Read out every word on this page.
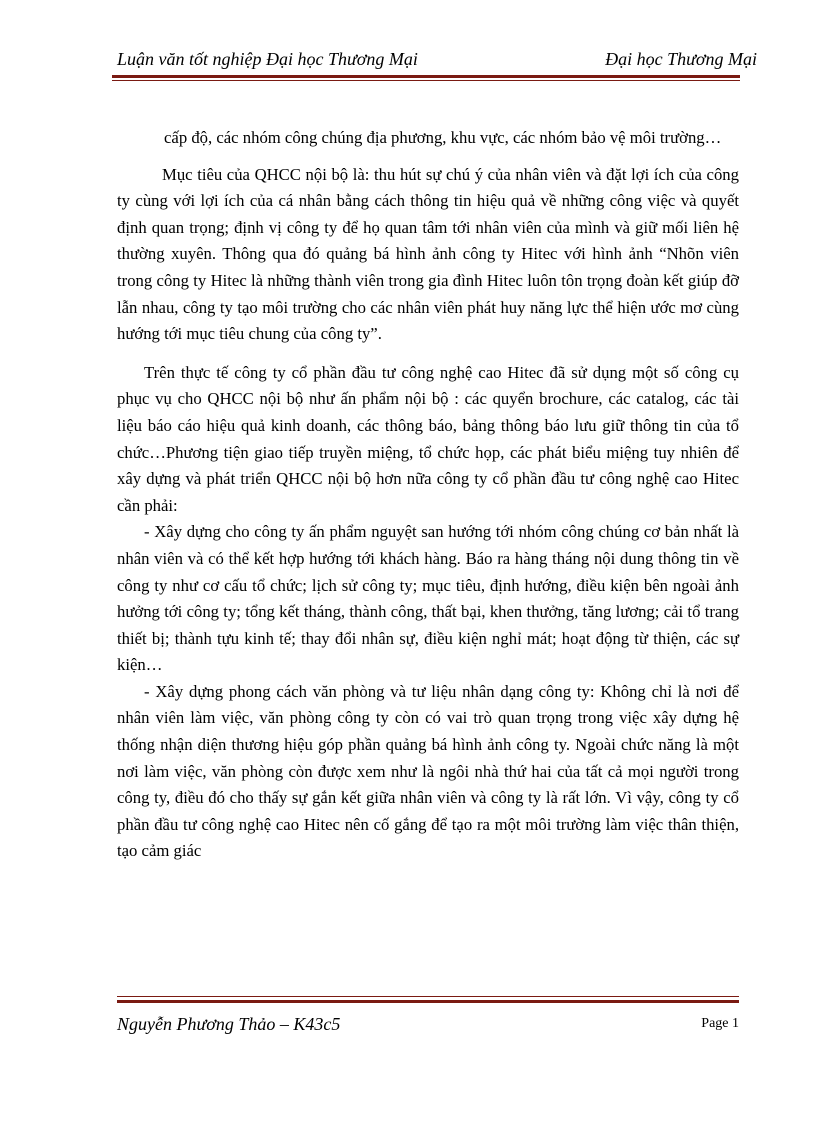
Luận văn tốt nghiệp Đại học Thương Mại	Đại học Thương Mại

cấp độ, các nhóm công chúng địa phương, khu vực, các nhóm bảo vệ môi trường…

Mục tiêu của QHCC nội bộ là: thu hút sự chú ý của nhân viên và đặt lợi ích của công ty cùng với lợi ích của cá nhân bằng cách thông tin hiệu quả về những công việc và quyết định quan trọng; định vị công ty để họ quan tâm tới nhân viên của mình và giữ mối liên hệ thường xuyên. Thông qua đó quảng bá hình ảnh công ty Hitec với hình ảnh “Nhõn viên trong công ty Hitec là những thành viên trong gia đình Hitec luôn tôn trọng đoàn kết giúp đỡ lẫn nhau, công ty tạo môi trường cho các nhân viên phát huy năng lực thể hiện ước mơ cùng hướng tới mục tiêu chung của công ty”.

Trên thực tế công ty cổ phần đầu tư công nghệ cao Hitec đã sử dụng một số công cụ phục vụ cho QHCC nội bộ như ấn phẩm nội bộ : các quyển brochure, các catalog, các tài liệu báo cáo hiệu quả kinh doanh, các thông báo, bảng thông báo lưu giữ thông tin của tổ chức…Phương tiện giao tiếp truyền miệng, tổ chức họp, các phát biểu miệng tuy nhiên để xây dựng và phát triển QHCC nội bộ hơn nữa công ty cổ phần đầu tư công nghệ cao Hitec cần phải:

- Xây dựng cho công ty ấn phẩm nguyệt san hướng tới nhóm công chúng cơ bản nhất là nhân viên và có thể kết hợp hướng tới khách hàng. Báo ra hàng tháng nội dung thông tin về công ty như cơ cấu tổ chức; lịch sử công ty; mục tiêu, định hướng, điều kiện bên ngoài ảnh hưởng tới công ty; tổng kết tháng, thành công, thất bại, khen thưởng, tăng lương; cải tổ trang thiết bị; thành tựu kinh tế; thay đổi nhân sự, điều kiện nghỉ mát; hoạt động từ thiện, các sự kiện…

- Xây dựng phong cách văn phòng và tư liệu nhân dạng công ty: Không chỉ là nơi để nhân viên làm việc, văn phòng công ty còn có vai trò quan trọng trong việc xây dựng hệ thống nhận diện thương hiệu góp phần quảng bá hình ảnh công ty. Ngoài chức năng là một nơi làm việc, văn phòng còn được xem như là ngôi nhà thứ hai của tất cả mọi người trong công ty, điều đó cho thấy sự gắn kết giữa nhân viên và công ty là rất lớn. Vì vậy, công ty cổ phần đầu tư công nghệ cao Hitec nên cố gắng để tạo ra một môi trường làm việc thân thiện, tạo cảm giác

Nguyễn Phương Thảo – K43c5	Page 1
